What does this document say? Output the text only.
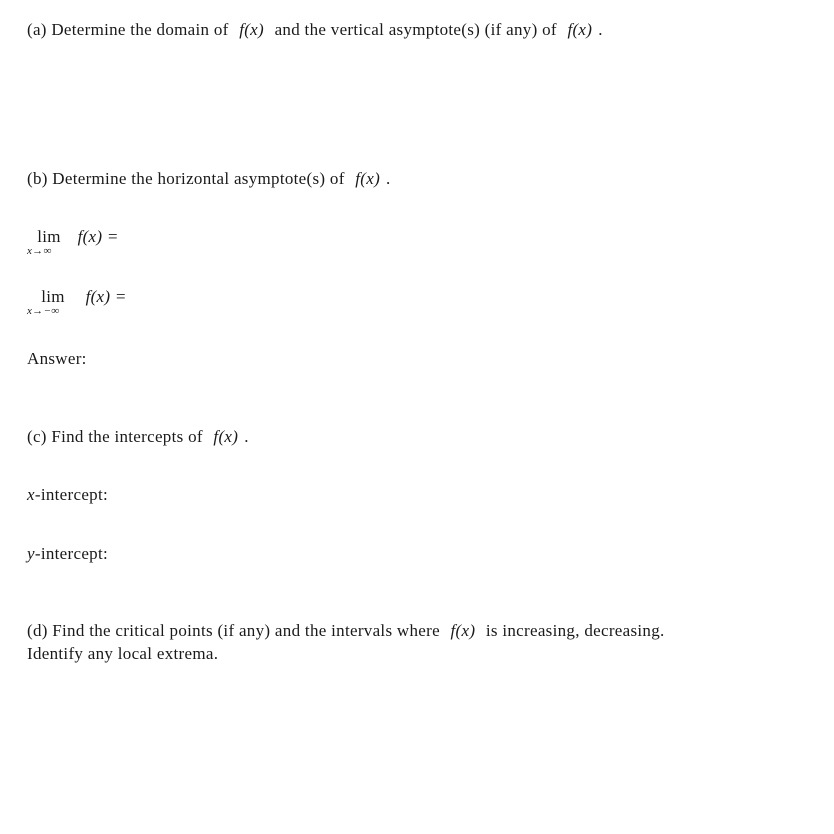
(a) Determine the domain of f(x) and the vertical asymptote(s) (if any) of f(x) .
(b) Determine the horizontal asymptote(s) of f(x) .
lim
x→∞
f(x) =
lim
x→−∞
f(x) =
Answer:
(c) Find the intercepts of f(x) .
x-intercept:
y-intercept:
(d) Find the critical points (if any) and the intervals where f(x) is increasing, decreasing.
Identify any local extrema.
